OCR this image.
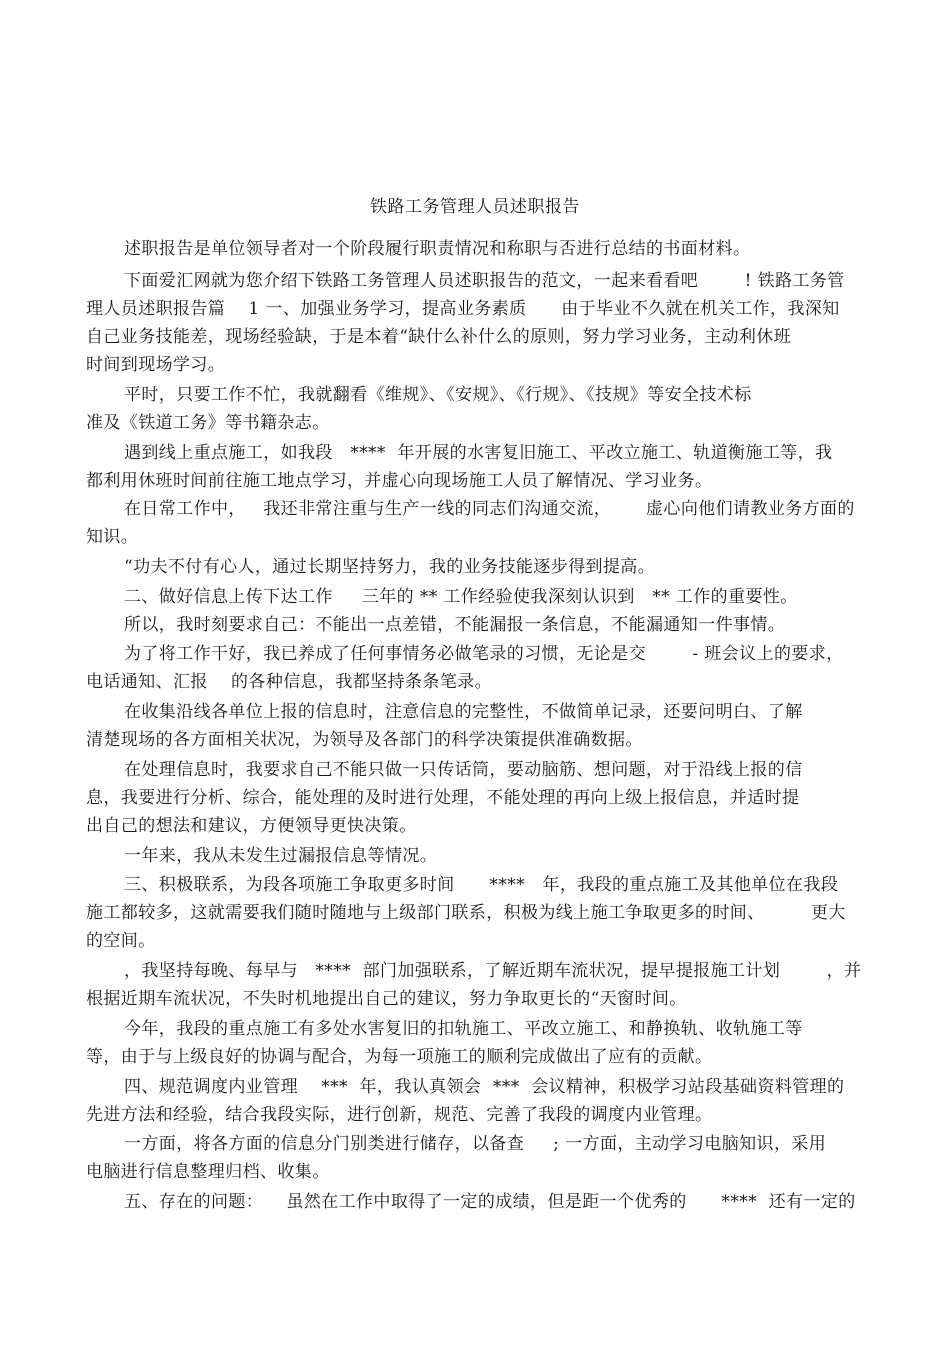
铁路工务管理人员述职报告
述职报告是单位领导者对一个阶段履行职责情况和称职与否进行总结的书面材料。
下面爱汇网就为您介绍下铁路工务管理人员述职报告的范文，一起来看看吧        ! 铁路工务管
理人员述职报告篇    1 一、加强业务学习，提高业务素质      由于毕业不久就在机关工作，我深知
自己业务技能差，现场经验缺，于是本着“缺什么补什么的原则，努力学习业务，主动利休班
时间到现场学习。
平时，只要工作不忙，我就翻看《维规》、《安规》、《行规》、《技规》等安全技术标
准及《铁道工务》等书籍杂志。
遇到线上重点施工，如我段   ****  年开展的水害复旧施工、平改立施工、轨道衡施工等，我
都利用休班时间前往施工地点学习，并虚心向现场施工人员了解情况、学习业务。
在日常工作中，   我还非常注重与生产一线的同志们沟通交流，      虚心向他们请教业务方面的
知识。
“功夫不付有心人，通过长期坚持努力，我的业务技能逐步得到提高。
二、做好信息上传下达工作     三年的 ** 工作经验使我深刻认识到   ** 工作的重要性。
所以，我时刻要求自己：不能出一点差错，不能漏报一条信息，不能漏通知一件事情。
为了将工作干好，我已养成了任何事情务必做笔录的习惯，无论是交        - 班会议上的要求，
电话通知、汇报    的各种信息，我都坚持条条笔录。
在收集沿线各单位上报的信息时，注意信息的完整性，不做简单记录，还要问明白、了解
清楚现场的各方面相关状况，为领导及各部门的科学决策提供准确数据。
在处理信息时，我要求自己不能只做一只传话筒，要动脑筋、想问题，对于沿线上报的信
息，我要进行分析、综合，能处理的及时进行处理，不能处理的再向上级上报信息，并适时提
出自己的想法和建议，方便领导更快决策。
一年来，我从未发生过漏报信息等情况。
三、积极联系，为段各项施工争取更多时间      ****   年，我段的重点施工及其他单位在我段
施工都较多，这就需要我们随时随地与上级部门联系，积极为线上施工争取更多的时间、        更大
的空间。
，我坚持每晚、每早与   ****  部门加强联系，了解近期车流状况，提早提报施工计划        ，并
根据近期车流状况，不失时机地提出自己的建议，努力争取更长的“天窗时间。
今年，我段的重点施工有多处水害复旧的扣轨施工、平改立施工、和静换轨、收轨施工等
等，由于与上级良好的协调与配合，为每一项施工的顺利完成做出了应有的贡献。
四、规范调度内业管理    ***  年，我认真领会  ***  会议精神，积极学习站段基础资料管理的
先进方法和经验，结合我段实际，进行创新，规范、完善了我段的调度内业管理。
一方面，将各方面的信息分门别类进行储存，以备查     ; 一方面，主动学习电脑知识，采用
电脑进行信息整理归档、收集。
五、存在的问题：    虽然在工作中取得了一定的成绩，但是距一个优秀的      ****  还有一定的
